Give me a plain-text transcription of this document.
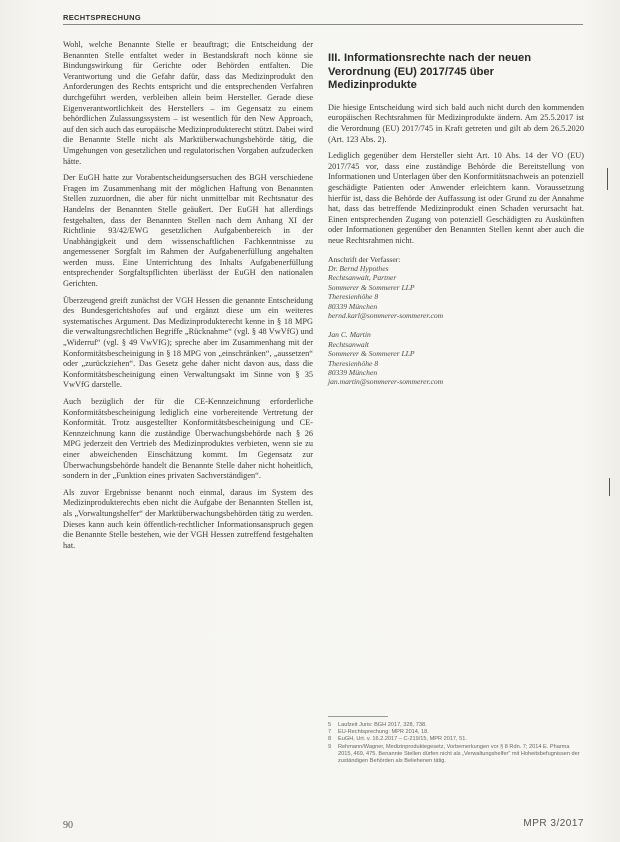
RECHTSPRECHUNG

Wohl, welche Benannte Stelle er beauftragt; die Entscheidung der Benannten Stelle entfaltet weder in Bestandskraft noch könne sie Bindungswirkung für Gerichte oder Behörden entfalten. Die Verantwortung und die Gefahr dafür, dass das Medizinprodukt den Anforderungen des Rechts entspricht und die entsprechenden Verfahren durchgeführt werden, verbleiben allein beim Hersteller. Gerade diese Eigenverantwortlichkeit des Herstellers – im Gegensatz zu einem behördlichen Zulassungssystem – ist wesentlich für den New Approach, auf den sich auch das europäische Medizinprodukterecht stützt. Dabei wird die Benannte Stelle nicht als Marktüberwachungsbehörde tätig, die Umgehungen von gesetzlichen und regulatorischen Vorgaben aufzudecken hätte.

Der EuGH hatte zur Vorabentscheidungsersuchen des BGH verschiedene Fragen im Zusammenhang mit der möglichen Haftung von Benannten Stellen zuzuordnen, die aber für nicht unmittelbar mit Rechtsnatur des Handelns der Benannten Stelle geäußert. Der EuGH hat allerdings festgehalten, dass der Benannten Stellen nach dem Anhang XI der Richtlinie 93/42/EWG gesetzlichen Aufgabenbereich in der Unabhängigkeit und dem wissenschaftlichen Fachkenntnisse zu angemessener Sorgfalt im Rahmen der Aufgabenerfüllung angehalten werden muss. Eine Unterrichtung des Inhalts Aufgabenerfüllung entsprechender Sorgfaltspflichten überlässt der EuGH den nationalen Gerichten.

Überzeugend greift zunächst der VGH Hessen die genannte Entscheidung des Bundesgerichtshofes auf und ergänzt diese um ein weiteres systematisches Argument. Das Medizinprodukterecht kenne in § 18 MPG die verwaltungsrechtlichen Begriffe „Rücknahme“ (vgl. § 48 VwVfG) und „Widerruf“ (vgl. § 49 VwVfG); spreche aber im Zusammenhang mit der Konformitätsbescheinigung in § 18 MPG von „einschränken“, „aussetzen“ oder „zurückziehen“. Das Gesetz gehe daher nicht davon aus, dass die Konformitätsbescheinigung einen Verwaltungsakt im Sinne von § 35 VwVfG darstelle.

Auch bezüglich der für die CE-Kennzeichnung erforderliche Konformitätsbescheinigung lediglich eine vorbereitende Vertretung der Konformität. Trotz ausgestellter Konformitätsbescheinigung und CE-Kennzeichnung kann die zuständige Überwachungsbehörde nach § 26 MPG jederzeit den Vertrieb des Medizinproduktes verbieten, wenn sie zu einer abweichenden Einschätzung kommt. Im Gegensatz zur Überwachungsbehörde handelt die Benannte Stelle daher nicht hoheitlich, sondern in der „Funktion eines privaten Sachverständigen“.

Als zuvor Ergebnisse benannt noch einmal, daraus im System des Medizinprodukterechts eben nicht die Aufgabe der Benannten Stellen ist, als „Vorwaltungshelfer“ der Marktüberwachungsbehörden tätig zu werden. Dieses kann auch kein öffentlich-rechtlicher Informationsanspruch gegen die Benannte Stelle bestehen, wie der VGH Hessen zutreffend festgehalten hat.

III. Informationsrechte nach der neuen Verordnung (EU) 2017/745 über Medizinprodukte

Die hiesige Entscheidung wird sich bald auch nicht durch den kommenden europäischen Rechtsrahmen für Medizinprodukte ändern. Am 25.5.2017 ist die Verordnung (EU) 2017/745 in Kraft getreten und gilt ab dem 26.5.2020 (Art. 123 Abs. 2).

Lediglich gegenüber dem Hersteller sieht Art. 10 Abs. 14 der VO (EU) 2017/745 vor, dass eine zuständige Behörde die Bereitstellung von Informationen und Unterlagen über den Konformitätsnachweis an potenziell geschädigte Patienten oder Anwender erleichtern kann. Voraussetzung hierfür ist, dass die Behörde der Auffassung ist oder Grund zu der Annahme hat, dass das betreffende Medizinprodukt einen Schaden verursacht hat. Einen entsprechenden Zugang von potenziell Geschädigten zu Auskünften oder Informationen gegenüber den Benannten Stellen kennt aber auch die neue Rechtsrahmen nicht.

Anschrift der Verfasser:
Dr. Bernd Hypothes
Rechtsanwalt, Partner
Sommerer & Sommerer LLP
Theresienhöhe 8
80339 München
bernd.karl@sommerer-sommerer.com
Jan C. Martin
Rechtsanwalt
Sommerer & Sommerer LLP
Theresienhöhe 8
80339 München
jan.martin@sommerer-sommerer.com
5	Laufzeit Juris: BGH 2017, 328, 738.
7	EU-Rechtsprechung: MPR 2014, 18.
8	EuGH, Urt. v. 16.2.2017 – C-219/15, MPR 2017, 51.
9	Rehmann/Wagner, Medizinproduktegesetz, Vorbemerkungen vor § 8 Rdn. 7; 2014 E. Pharma 2015, 469, 475. Benannte Stellen dürfen nicht als „Verwaltungshelfer“ mit Hoheitsbefugnissen der zuständigen Behörden als Beliehenen tätig.
90	MPR 3/2017
